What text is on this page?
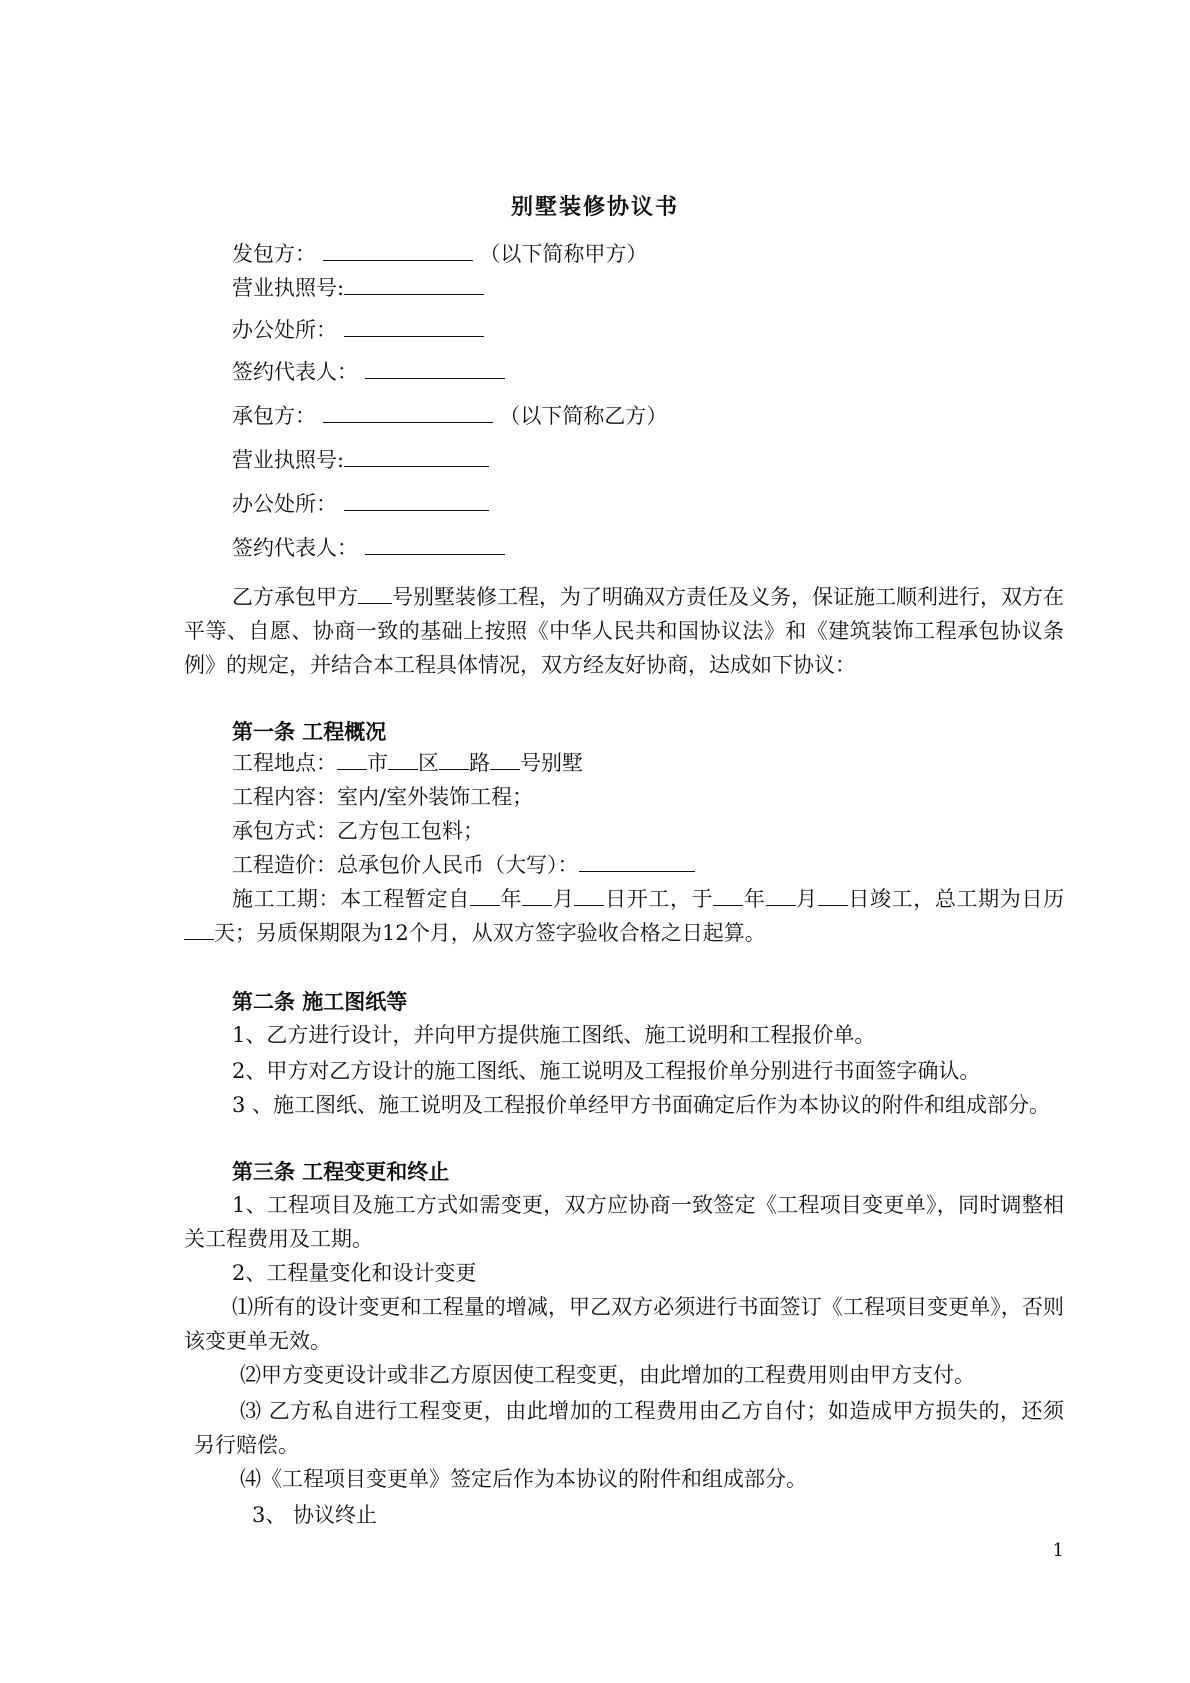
别墅装修协议书
发包方：	（以下简称甲方）
营业执照号:
办公处所：
签约代表人：
承包方：	（以下简称乙方）
营业执照号:
办公处所：
签约代表人：
乙方承包甲方 号别墅装修工程，为了明确双方责任及义务，保证施工顺利进行，双方在平等、自愿、协商一致的基础上按照《中华人民共和国协议法》和《建筑装饰工程承包协议条例》的规定，并结合本工程具体情况，双方经友好协商，达成如下协议：
第一条 工程概况
工程地点： 市 区 路 号别墅
工程内容：室内/室外装饰工程；
承包方式：乙方包工包料；
工程造价：总承包价人民币（大写）：
施工工期：本工程暂定自 年 月 日开工，于 年 月 日竣工，总工期为日历天；另质保期限为12个月，从双方签字验收合格之日起算。
第二条 施工图纸等
1、乙方进行设计，并向甲方提供施工图纸、施工说明和工程报价单。
2、甲方对乙方设计的施工图纸、施工说明及工程报价单分别进行书面签字确认。
3 、施工图纸、施工说明及工程报价单经甲方书面确定后作为本协议的附件和组成部分。
第三条 工程变更和终止
1、工程项目及施工方式如需变更，双方应协商一致签定《工程项目变更单》，同时调整相关工程费用及工期。
2、工程量变化和设计变更
⑴所有的设计变更和工程量的增减，甲乙双方必须进行书面签订《工程项目变更单》，否则该变更单无效。
⑵甲方变更设计或非乙方原因使工程变更，由此增加的工程费用则由甲方支付。
⑶ 乙方私自进行工程变更，由此增加的工程费用由乙方自付；如造成甲方损失的，还须另行赔偿。
⑷《工程项目变更单》签定后作为本协议的附件和组成部分。
3、 协议终止
1
